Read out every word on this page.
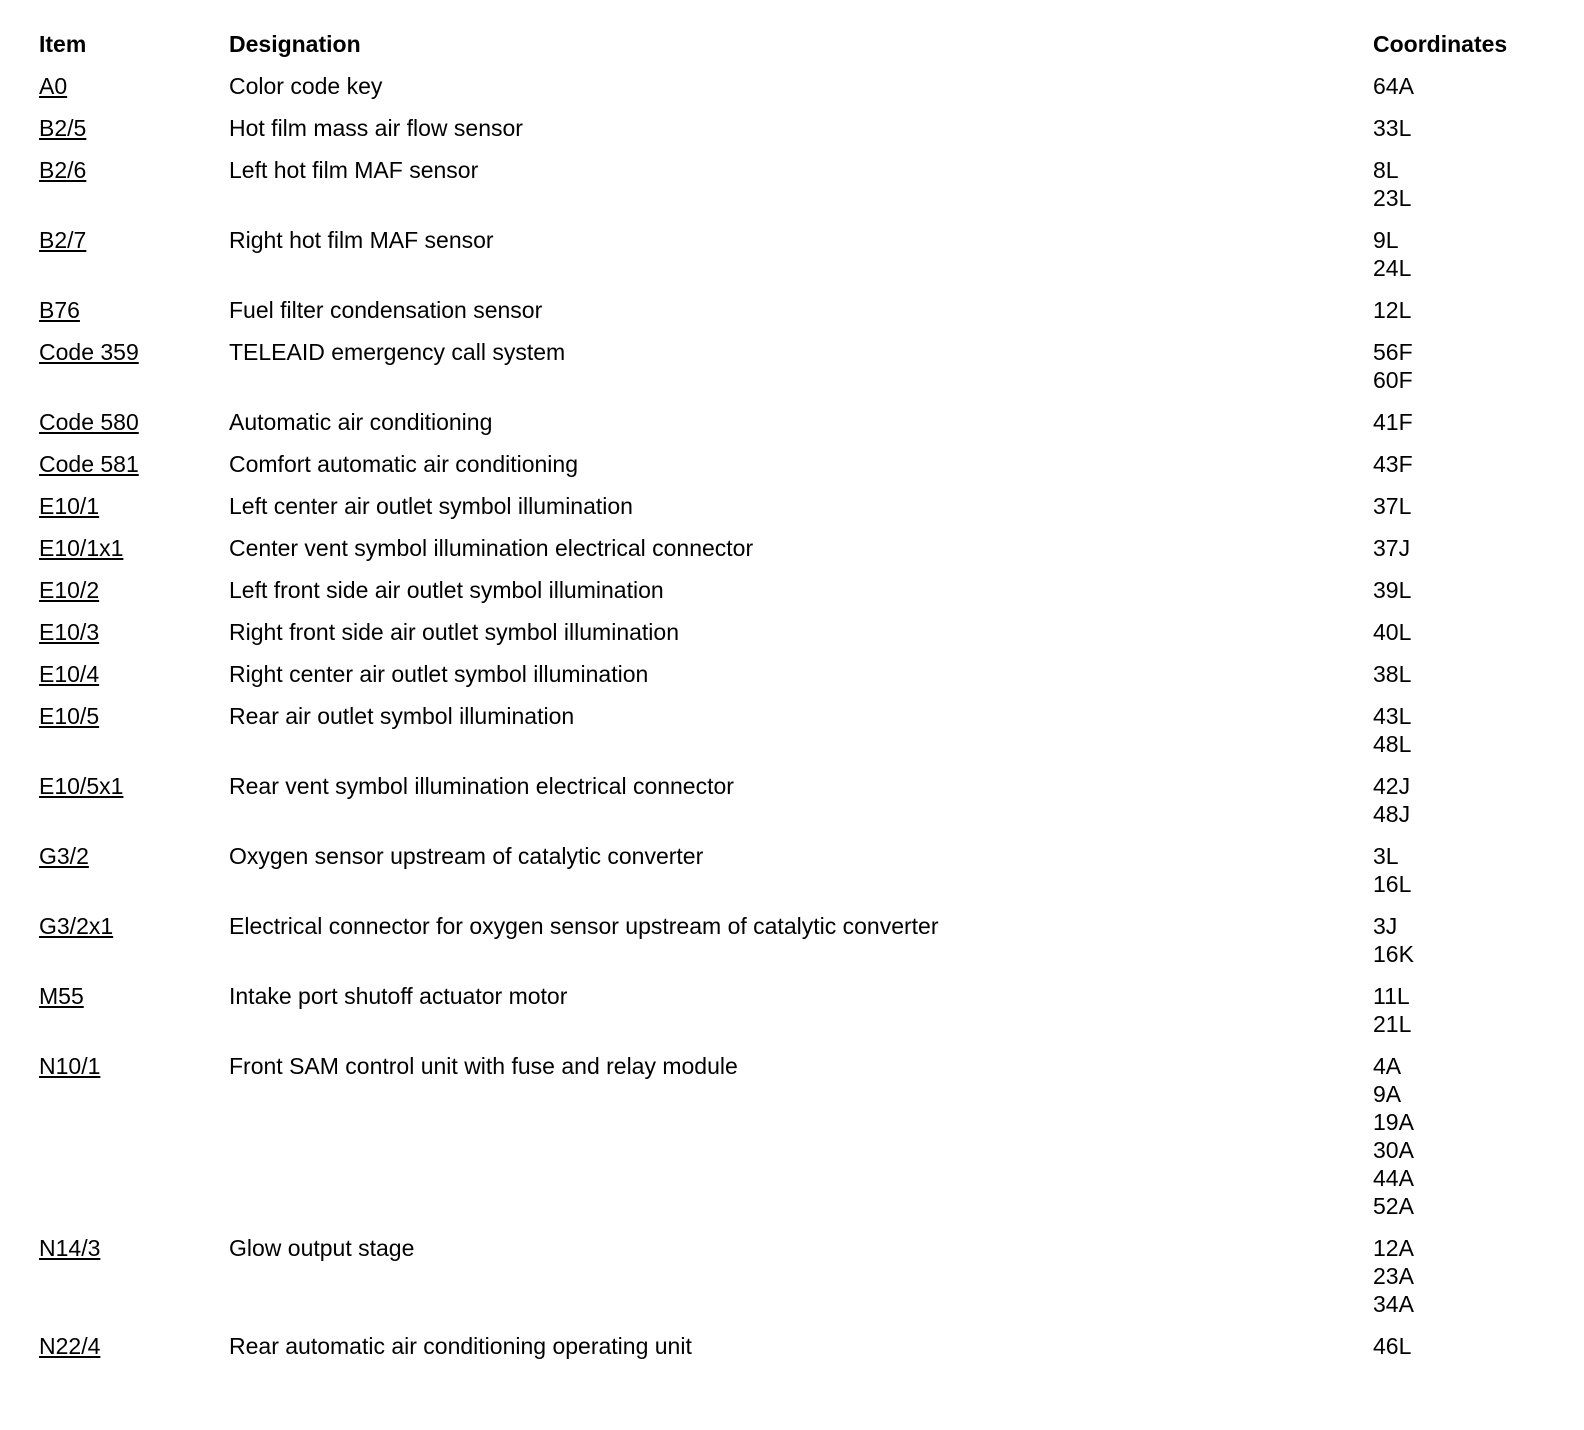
Item	Designation	Coordinates
A0	Color code key	64A
B2/5	Hot film mass air flow sensor	33L
B2/6	Left hot film MAF sensor	8L
23L
B2/7	Right hot film MAF sensor	9L
24L
B76	Fuel filter condensation sensor	12L
Code 359	TELEAID emergency call system	56F
60F
Code 580	Automatic air conditioning	41F
Code 581	Comfort automatic air conditioning	43F
E10/1	Left center air outlet symbol illumination	37L
E10/1x1	Center vent symbol illumination electrical connector	37J
E10/2	Left front side air outlet symbol illumination	39L
E10/3	Right front side air outlet symbol illumination	40L
E10/4	Right center air outlet symbol illumination	38L
E10/5	Rear air outlet symbol illumination	43L
48L
E10/5x1	Rear vent symbol illumination electrical connector	42J
48J
G3/2	Oxygen sensor upstream of catalytic converter	3L
16L
G3/2x1	Electrical connector for oxygen sensor upstream of catalytic converter	3J
16K
M55	Intake port shutoff actuator motor	11L
21L
N10/1	Front SAM control unit with fuse and relay module	4A
9A
19A
30A
44A
52A
N14/3	Glow output stage	12A
23A
34A
N22/4	Rear automatic air conditioning operating unit	46L
